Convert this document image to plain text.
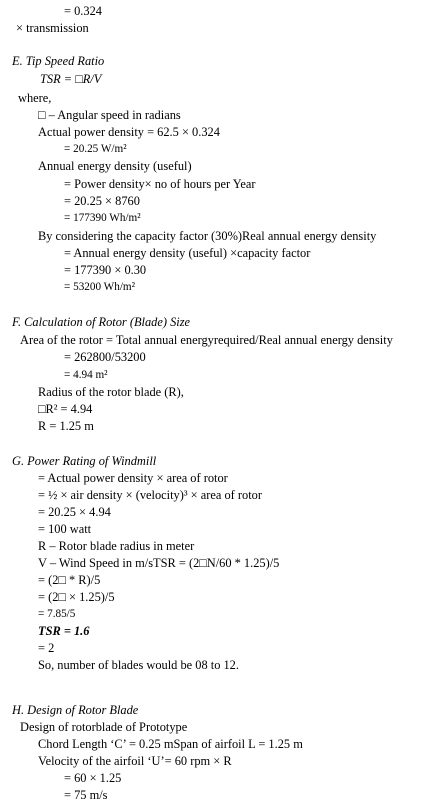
= 0.324
× transmission
E. Tip Speed Ratio
TSR = □R/V
where,
□ – Angular speed in radians
Actual power density = 62.5 × 0.324
= 20.25 W/m²
Annual energy density (useful)
= Power density× no of hours per Year
= 20.25 × 8760
= 177390 Wh/m²
By considering the capacity factor (30%)Real annual energy density
= Annual energy density (useful) ×capacity factor
= 177390 × 0.30
= 53200 Wh/m²
F. Calculation of Rotor (Blade) Size
Area of the rotor = Total annual energyrequired/Real annual energy density
= 262800/53200
= 4.94 m²
Radius of the rotor blade (R),
□R² = 4.94
R = 1.25 m
G. Power Rating of Windmill
= Actual power density × area of rotor
= ½ × air density × (velocity)³ × area of rotor
= 20.25 × 4.94
= 100 watt
R – Rotor blade radius in meter
V – Wind Speed in m/sTSR = (2□N/60 * 1.25)/5
= (2□ * R)/5
= (2□ × 1.25)/5
= 7.85/5
TSR = 1.6
= 2
So, number of blades would be 08 to 12.
H. Design of Rotor Blade
Design of rotorblade of Prototype
Chord Length ‘C’ = 0.25 mSpan of airfoil L = 1.25 m
Velocity of the airfoil ‘U’= 60 rpm × R
= 60 × 1.25
= 75 m/s
